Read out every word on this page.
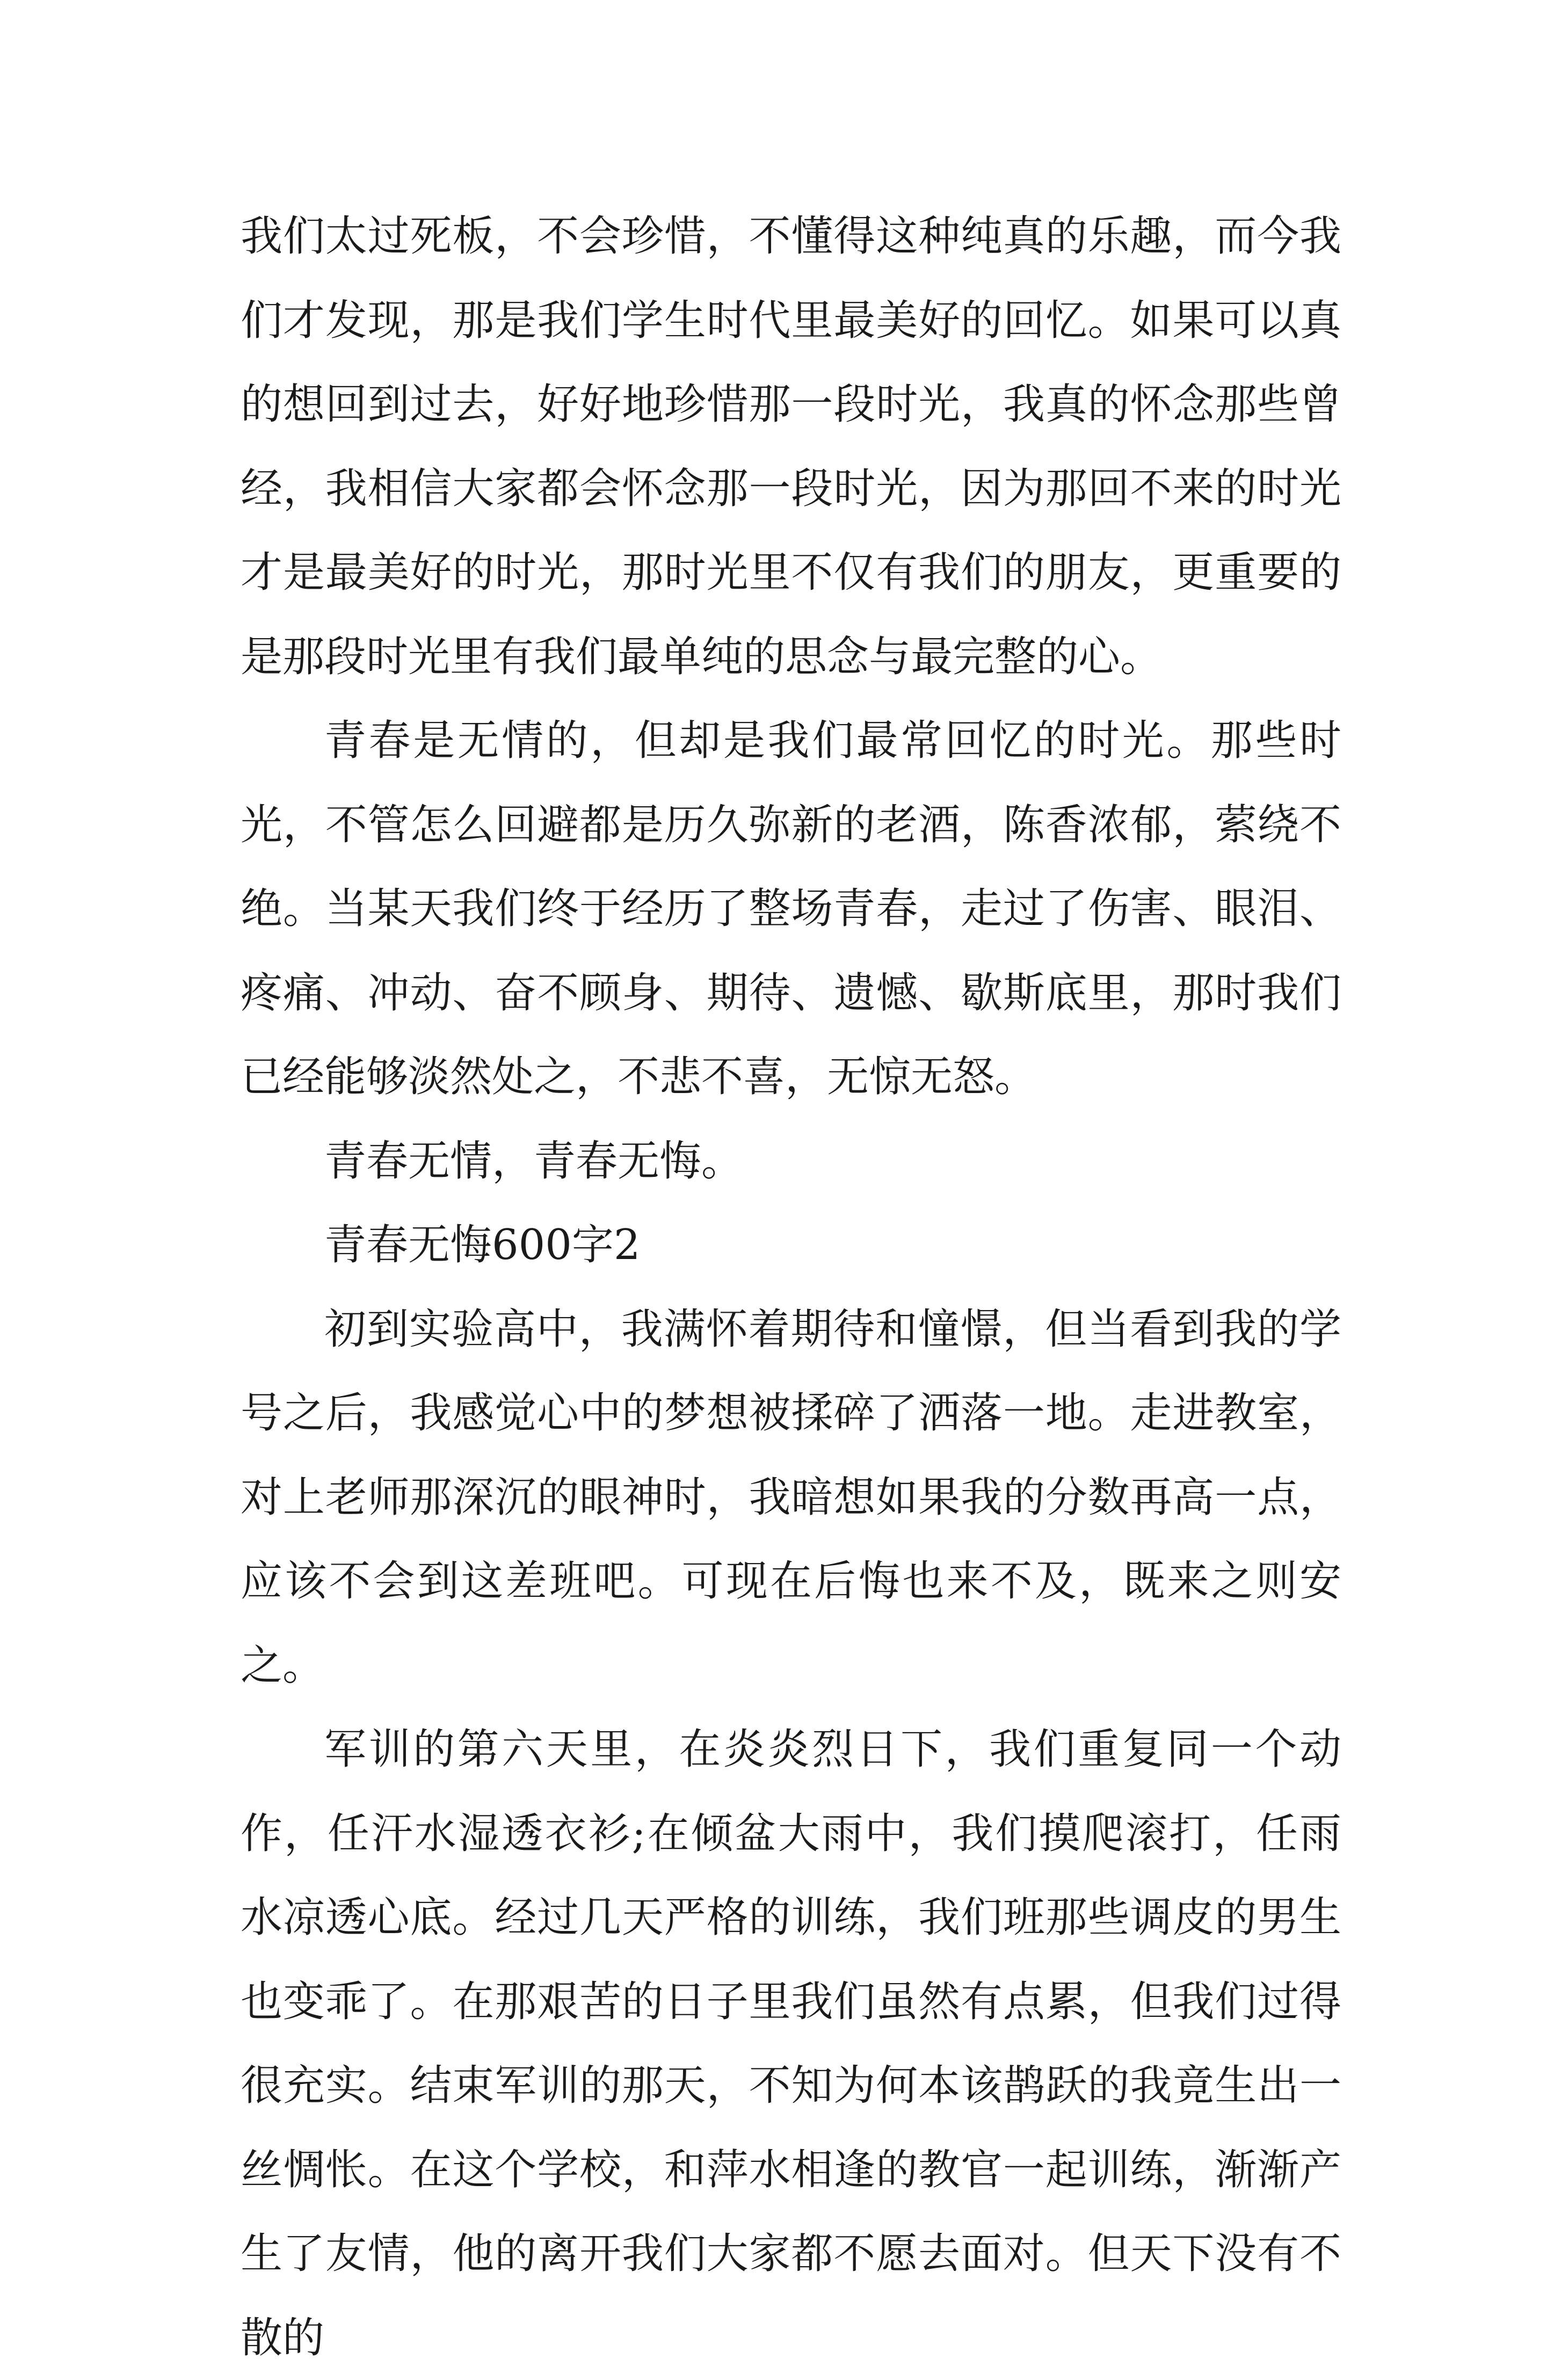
我们太过死板，不会珍惜，不懂得这种纯真的乐趣，而今我们才发现，那是我们学生时代里最美好的回忆。如果可以真的想回到过去，好好地珍惜那一段时光，我真的怀念那些曾经，我相信大家都会怀念那一段时光，因为那回不来的时光才是最美好的时光，那时光里不仅有我们的朋友，更重要的是那段时光里有我们最单纯的思念与最完整的心。

青春是无情的，但却是我们最常回忆的时光。那些时光，不管怎么回避都是历久弥新的老酒，陈香浓郁，萦绕不绝。当某天我们终于经历了整场青春，走过了伤害、眼泪、疼痛、冲动、奋不顾身、期待、遗憾、歇斯底里，那时我们已经能够淡然处之，不悲不喜，无惊无怒。

青春无情，青春无悔。

青春无悔600字2

初到实验高中，我满怀着期待和憧憬，但当看到我的学号之后，我感觉心中的梦想被揉碎了洒落一地。走进教室，对上老师那深沉的眼神时，我暗想如果我的分数再高一点，应该不会到这差班吧。可现在后悔也来不及，既来之则安之。

军训的第六天里，在炎炎烈日下，我们重复同一个动作，任汗水湿透衣衫;在倾盆大雨中，我们摸爬滚打，任雨水凉透心底。经过几天严格的训练，我们班那些调皮的男生也变乖了。在那艰苦的日子里我们虽然有点累，但我们过得很充实。结束军训的那天，不知为何本该鹊跃的我竟生出一丝惆怅。在这个学校，和萍水相逢的教官一起训练，渐渐产生了友情，他的离开我们大家都不愿去面对。但天下没有不散的
